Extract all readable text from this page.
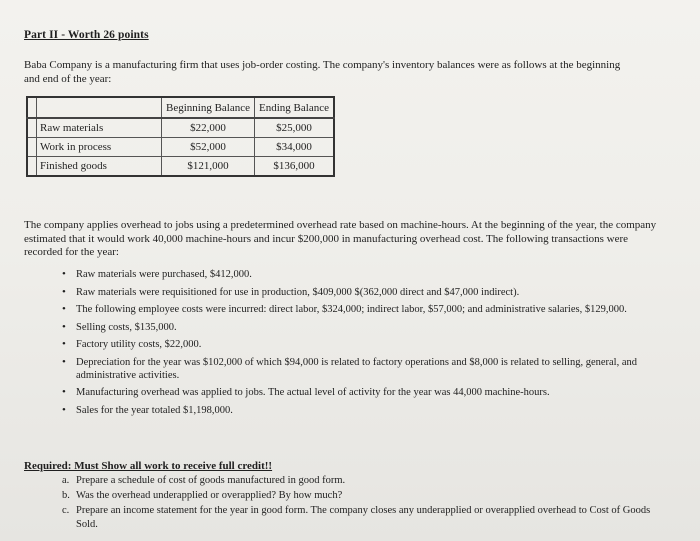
Part II - Worth 26 points
Baba Company is a manufacturing firm that uses job-order costing. The company's inventory balances were as follows at the beginning and end of the year:
		Beginning Balance	Ending Balance
	Raw materials	$22,000	$25,000
	Work in process	$52,000	$34,000
	Finished goods	$121,000	$136,000
The company applies overhead to jobs using a predetermined overhead rate based on machine-hours. At the beginning of the year, the company estimated that it would work 40,000 machine-hours and incur $200,000 in manufacturing overhead cost. The following transactions were recorded for the year:
• Raw materials were purchased, $412,000.
• Raw materials were requisitioned for use in production, $409,000 $(362,000 direct and $47,000 indirect).
• The following employee costs were incurred: direct labor, $324,000; indirect labor, $57,000; and administrative salaries, $129,000.
• Selling costs, $135,000.
• Factory utility costs, $22,000.
• Depreciation for the year was $102,000 of which $94,000 is related to factory operations and $8,000 is related to selling, general, and administrative activities.
• Manufacturing overhead was applied to jobs. The actual level of activity for the year was 44,000 machine-hours.
• Sales for the year totaled $1,198,000.
Required: Must Show all work to receive full credit!!
a. Prepare a schedule of cost of goods manufactured in good form.
b. Was the overhead underapplied or overapplied? By how much?
c. Prepare an income statement for the year in good form. The company closes any underapplied or overapplied overhead to Cost of Goods Sold.
